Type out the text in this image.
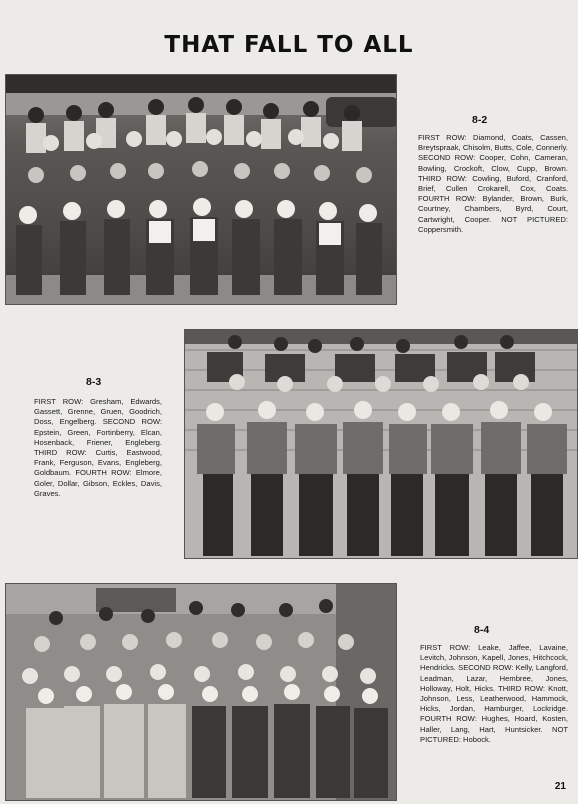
THAT FALL TO ALL
8-2
FIRST ROW: Diamond, Coats, Cassen, Breytspraak, Chisolm, Butts, Cole, Connerly. SECOND ROW: Cooper, Cohn, Cameran, Bowling, Crockoft, Clow, Cupp, Brown. THIRD ROW: Cowling, Buford, Cranford, Brief, Cullen Crokarell, Cox, Coats. FOURTH ROW: Bylander, Brown, Burk, Courtney, Chambers, Byrd, Court, Cartwright, Cooper. NOT PICTURED: Coppersmith.
8-3
FIRST ROW: Gresham, Edwards, Gassett, Grenne, Gruen, Goodrich, Doss, Engelberg. SECOND ROW: Epstein, Green, Fortinberry, Elcan, Hosenback, Friener, Engleberg. THIRD ROW: Curtis, Eastwood, Frank, Ferguson, Evans, Engleberg, Goldbaum. FOURTH ROW: Elmore, Goler, Dollar, Gibson, Eckles, Davis, Graves.
8-4
FIRST ROW: Leake, Jaffee, Lavaine, Levitch, Johnson, Kapell, Jones, Hitchcock, Hendricks. SECOND ROW: Kelly, Langford, Leadman, Lazar, Hembree, Jones, Holloway, Holt, Hicks. THIRD ROW: Knott, Johnson, Less, Leatherwood, Hammock, Hicks, Jordan, Hamburger, Lockridge. FOURTH ROW: Hughes, Hoard, Kosten, Haller, Lang, Hart, Huntsicker. NOT PICTURED: Hobock.
21
